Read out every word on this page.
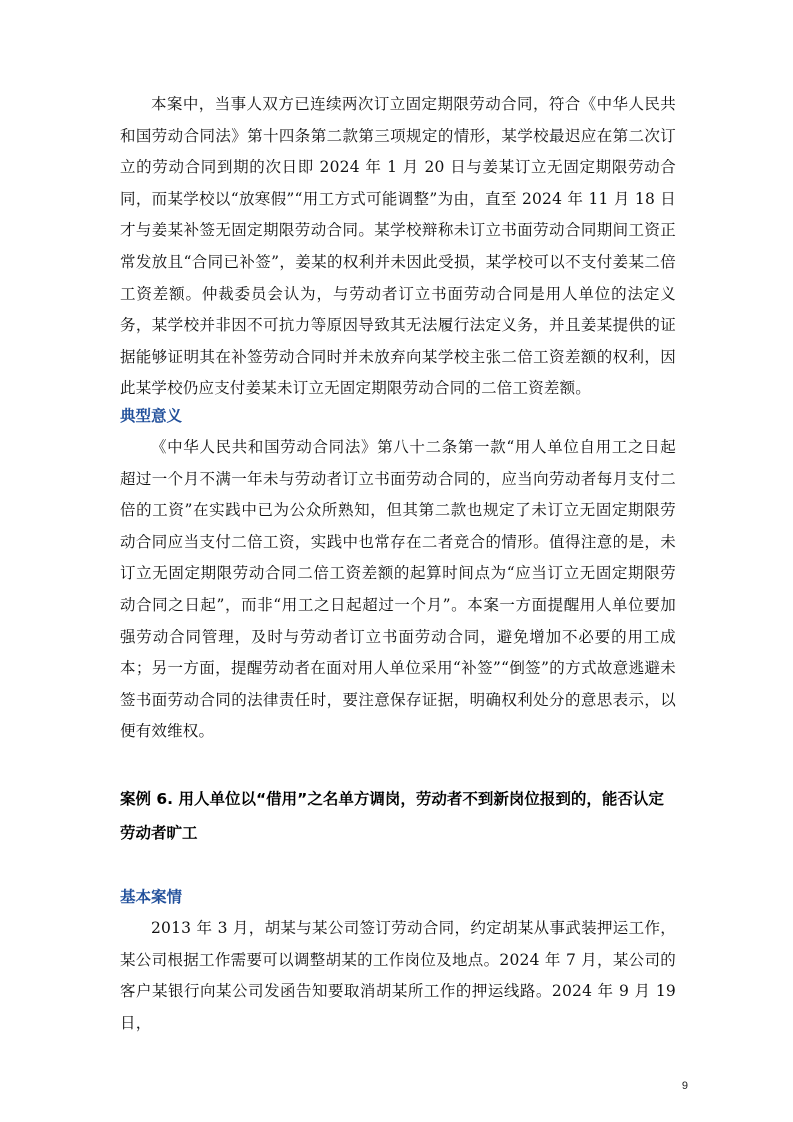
本案中，当事人双方已连续两次订立固定期限劳动合同，符合《中华人民共和国劳动合同法》第十四条第二款第三项规定的情形，某学校最迟应在第二次订立的劳动合同到期的次日即 2024 年 1 月 20 日与姜某订立无固定期限劳动合同，而某学校以“放寒假”“用工方式可能调整”为由，直至 2024 年 11 月 18 日才与姜某补签无固定期限劳动合同。某学校辩称未订立书面劳动合同期间工资正常发放且“合同已补签”，姜某的权利并未因此受损，某学校可以不支付姜某二倍工资差额。仲裁委员会认为，与劳动者订立书面劳动合同是用人单位的法定义务，某学校并非因不可抗力等原因导致其无法履行法定义务，并且姜某提供的证据能够证明其在补签劳动合同时并未放弃向某学校主张二倍工资差额的权利，因此某学校仍应支付姜某未订立无固定期限劳动合同的二倍工资差额。

典型意义

《中华人民共和国劳动合同法》第八十二条第一款“用人单位自用工之日起超过一个月不满一年未与劳动者订立书面劳动合同的，应当向劳动者每月支付二倍的工资”在实践中已为公众所熟知，但其第二款也规定了未订立无固定期限劳动合同应当支付二倍工资，实践中也常存在二者竞合的情形。值得注意的是，未订立无固定期限劳动合同二倍工资差额的起算时间点为“应当订立无固定期限劳动合同之日起”，而非“用工之日起超过一个月”。本案一方面提醒用人单位要加强劳动合同管理，及时与劳动者订立书面劳动合同，避免增加不必要的用工成本；另一方面，提醒劳动者在面对用人单位采用“补签”“倒签”的方式故意逃避未签书面劳动合同的法律责任时，要注意保存证据，明确权利处分的意思表示，以便有效维权。

案例 6. 用人单位以“借用”之名单方调岗，劳动者不到新岗位报到的，能否认定劳动者旷工

基本案情

2013 年 3 月，胡某与某公司签订劳动合同，约定胡某从事武装押运工作，某公司根据工作需要可以调整胡某的工作岗位及地点。2024 年 7 月，某公司的客户某银行向某公司发函告知要取消胡某所工作的押运线路。2024 年 9 月 19 日，

9
